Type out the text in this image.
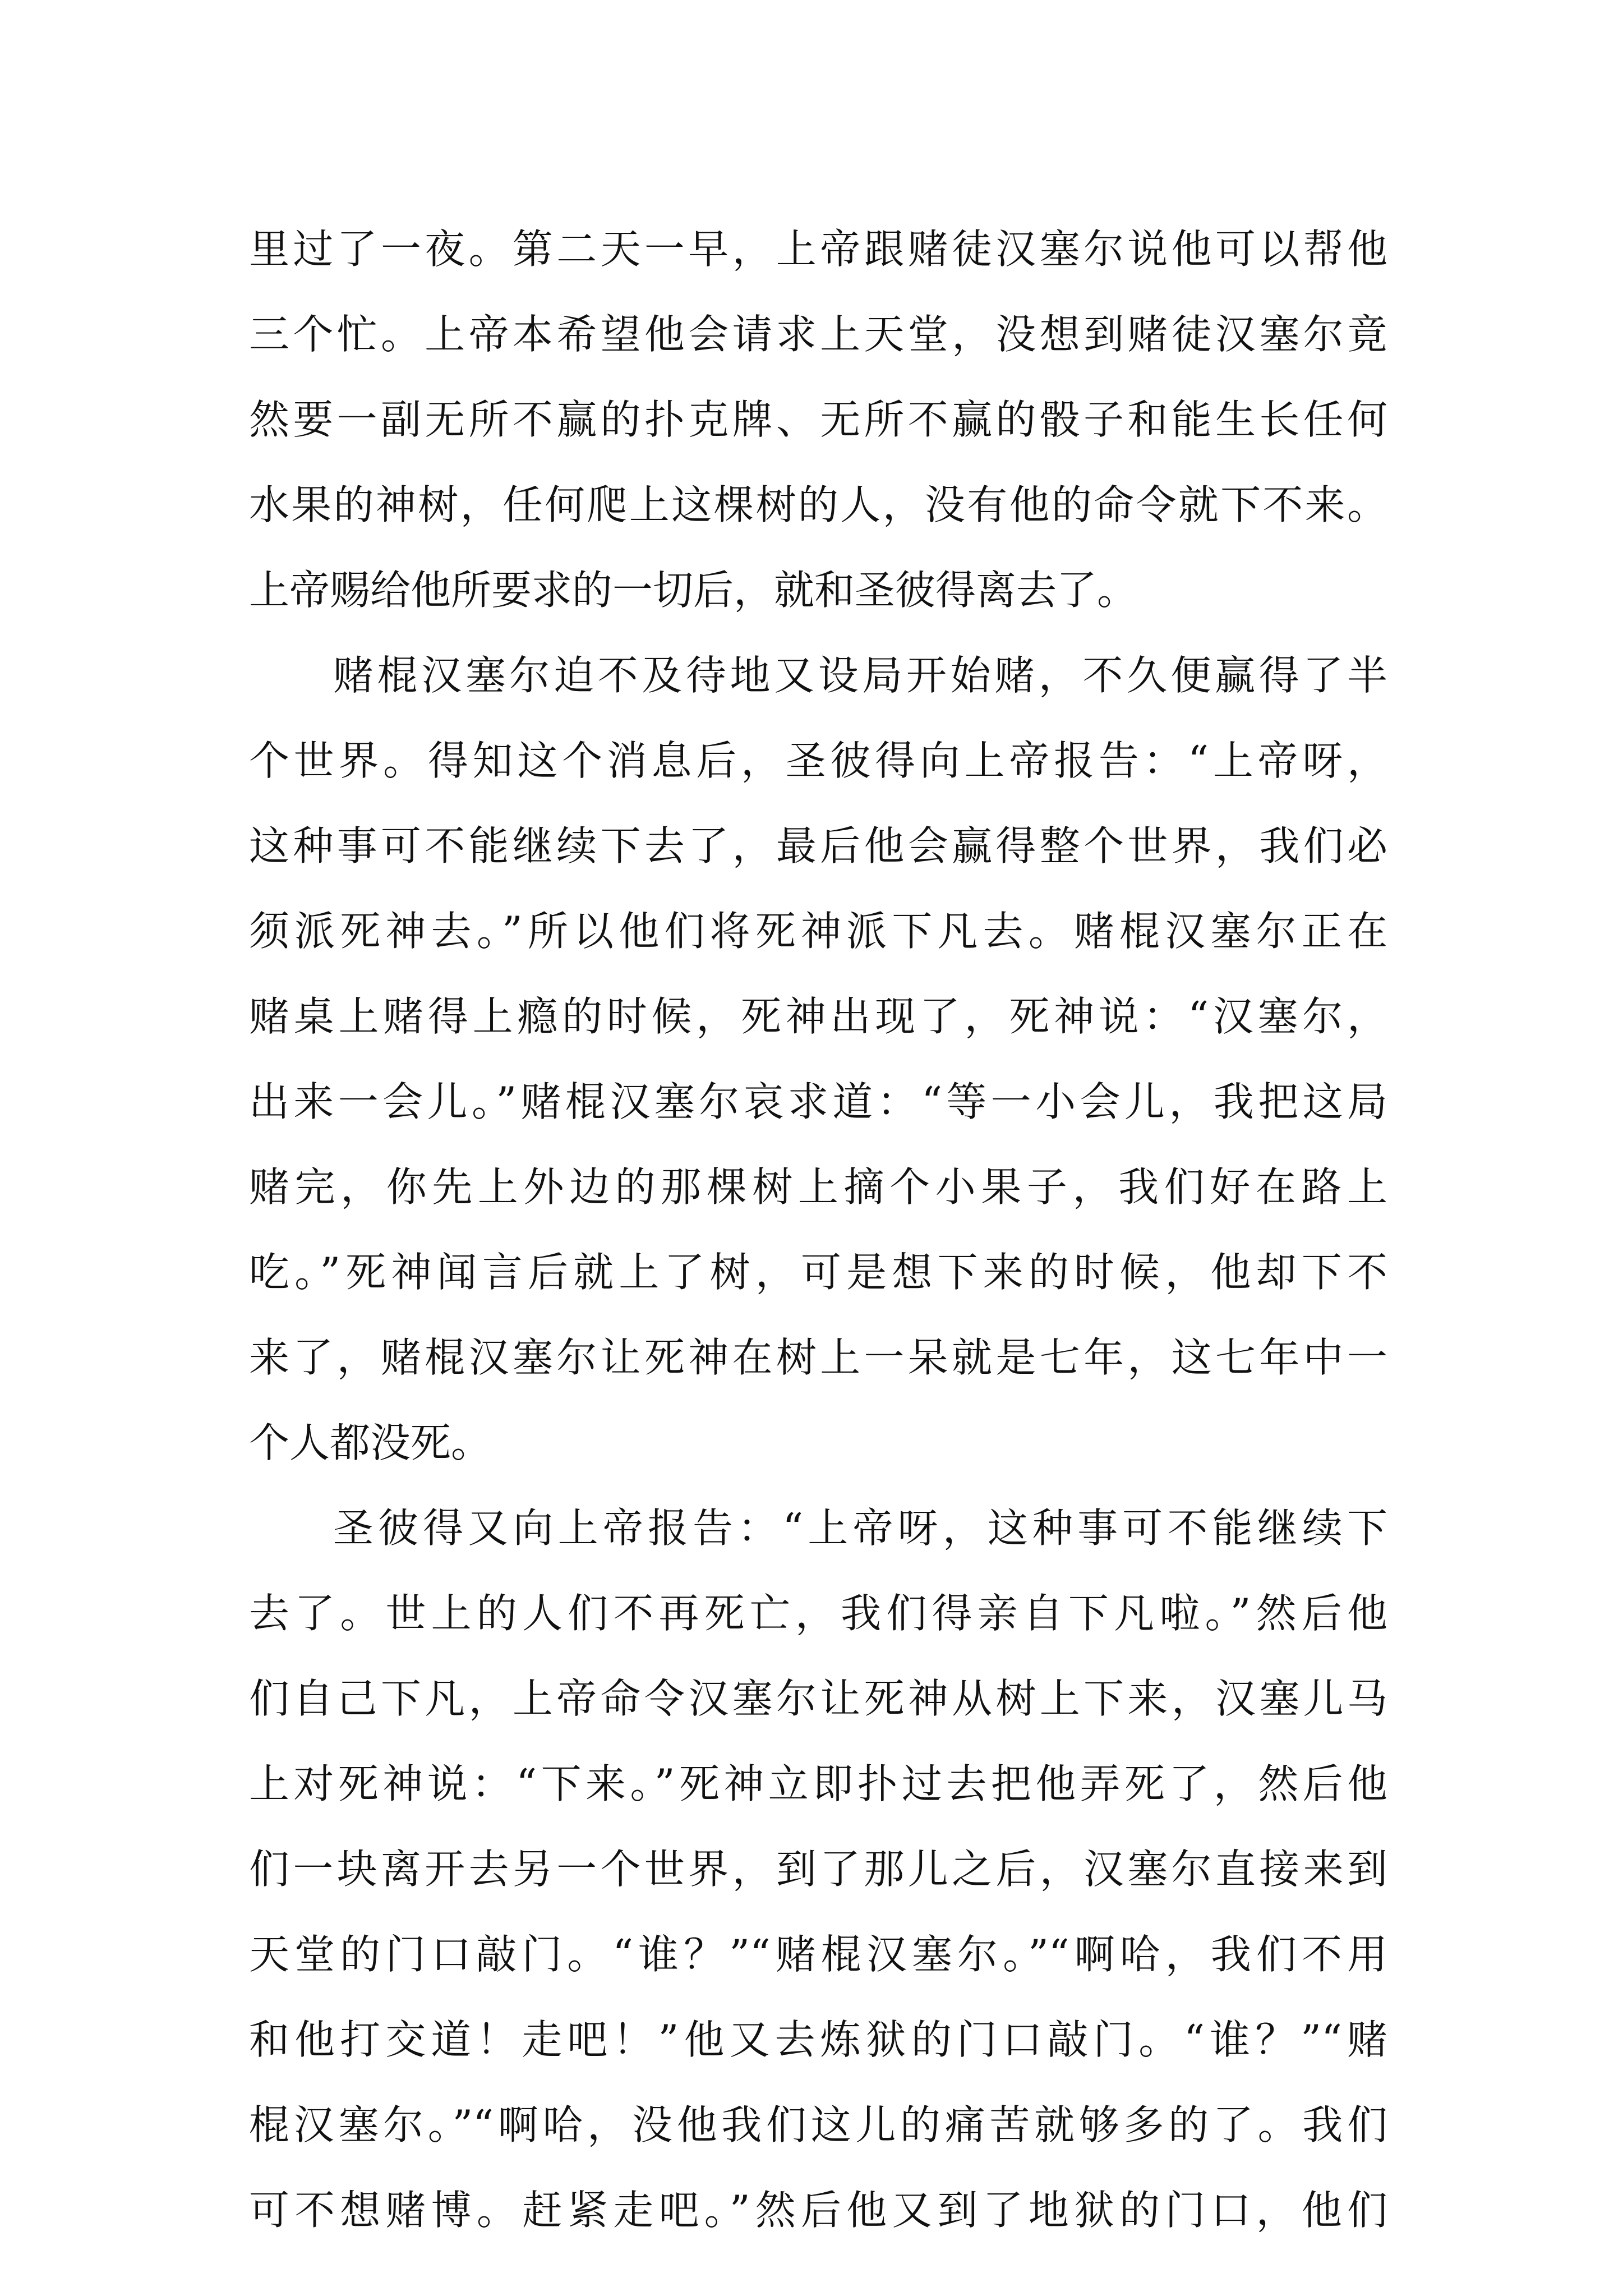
里过了一夜。第二天一早，上帝跟赌徒汉塞尔说他可以帮他
三个忙。上帝本希望他会请求上天堂，没想到赌徒汉塞尔竟
然要一副无所不赢的扑克牌、无所不赢的骰子和能生长任何
水果的神树，任何爬上这棵树的人，没有他的命令就下不来。
上帝赐给他所要求的一切后，就和圣彼得离去了。
赌棍汉塞尔迫不及待地又设局开始赌，不久便赢得了半
个世界。得知这个消息后，圣彼得向上帝报告：“上帝呀，
这种事可不能继续下去了，最后他会赢得整个世界，我们必
须派死神去。”所以他们将死神派下凡去。赌棍汉塞尔正在
赌桌上赌得上瘾的时候，死神出现了，死神说：“汉塞尔，
出来一会儿。”赌棍汉塞尔哀求道：“等一小会儿，我把这局
赌完，你先上外边的那棵树上摘个小果子，我们好在路上
吃。”死神闻言后就上了树，可是想下来的时候，他却下不
来了，赌棍汉塞尔让死神在树上一呆就是七年，这七年中一
个人都没死。
圣彼得又向上帝报告：“上帝呀，这种事可不能继续下
去了。世上的人们不再死亡，我们得亲自下凡啦。”然后他
们自己下凡，上帝命令汉塞尔让死神从树上下来，汉塞儿马
上对死神说：“下来。”死神立即扑过去把他弄死了，然后他
们一块离开去另一个世界，到了那儿之后，汉塞尔直接来到
天堂的门口敲门。“谁？”“赌棍汉塞尔。”“啊哈，我们不用
和他打交道！走吧！”他又去炼狱的门口敲门。“谁？”“赌
棍汉塞尔。”“啊哈，没他我们这儿的痛苦就够多的了。我们
可不想赌博。赶紧走吧。”然后他又到了地狱的门口，他们
